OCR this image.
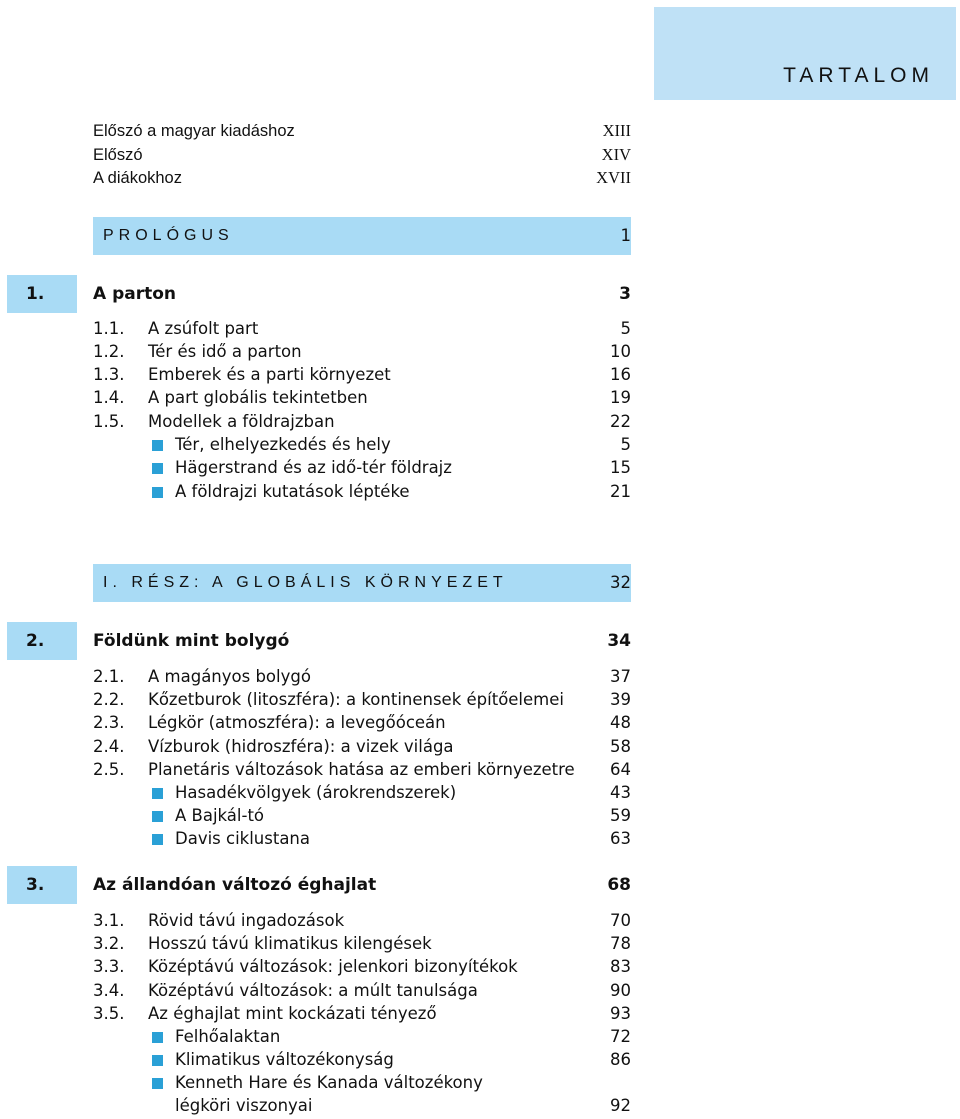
TARTALOM
Előszó a magyar kiadáshoz	XIII
Előszó	XIV
A diákokhoz	XVII
PROLÓGUS	1
1.	A parton	3
1.1. A zsúfolt part	5
1.2. Tér és idő a parton	10
1.3. Emberek és a parti környezet	16
1.4. A part globális tekintetben	19
1.5. Modellek a földrajzban	22
Tér, elhelyezkedés és hely	5
Hägerstrand és az idő-tér földrajz	15
A földrajzi kutatások léptéke	21
I. RÉSZ: A GLOBÁLIS KÖRNYEZET	32
2.	Földünk mint bolygó	34
2.1. A magányos bolygó	37
2.2. Kőzetburok (litoszféra): a kontinensek építőelemei	39
2.3. Légkör (atmoszféra): a levegőóceán	48
2.4. Vízburok (hidroszféra): a vizek világa	58
2.5. Planetáris változások hatása az emberi környezetre 64
Hasadékvölgyek (árokrendszerek)	43
A Bajkál-tó	59
Davis ciklustana	63
3.	Az állandóan változó éghajlat	68
3.1. Rövid távú ingadozások	70
3.2. Hosszú távú klimatikus kilengések	78
3.3. Középtávú változások: jelenkori bizonyítékok	83
3.4. Középtávú változások: a múlt tanulsága	90
3.5. Az éghajlat mint kockázati tényező	93
Felhőalaktan	72
Klimatikus változékonyság	86
Kenneth Hare és Kanada változékony
légköri viszonyai	92
